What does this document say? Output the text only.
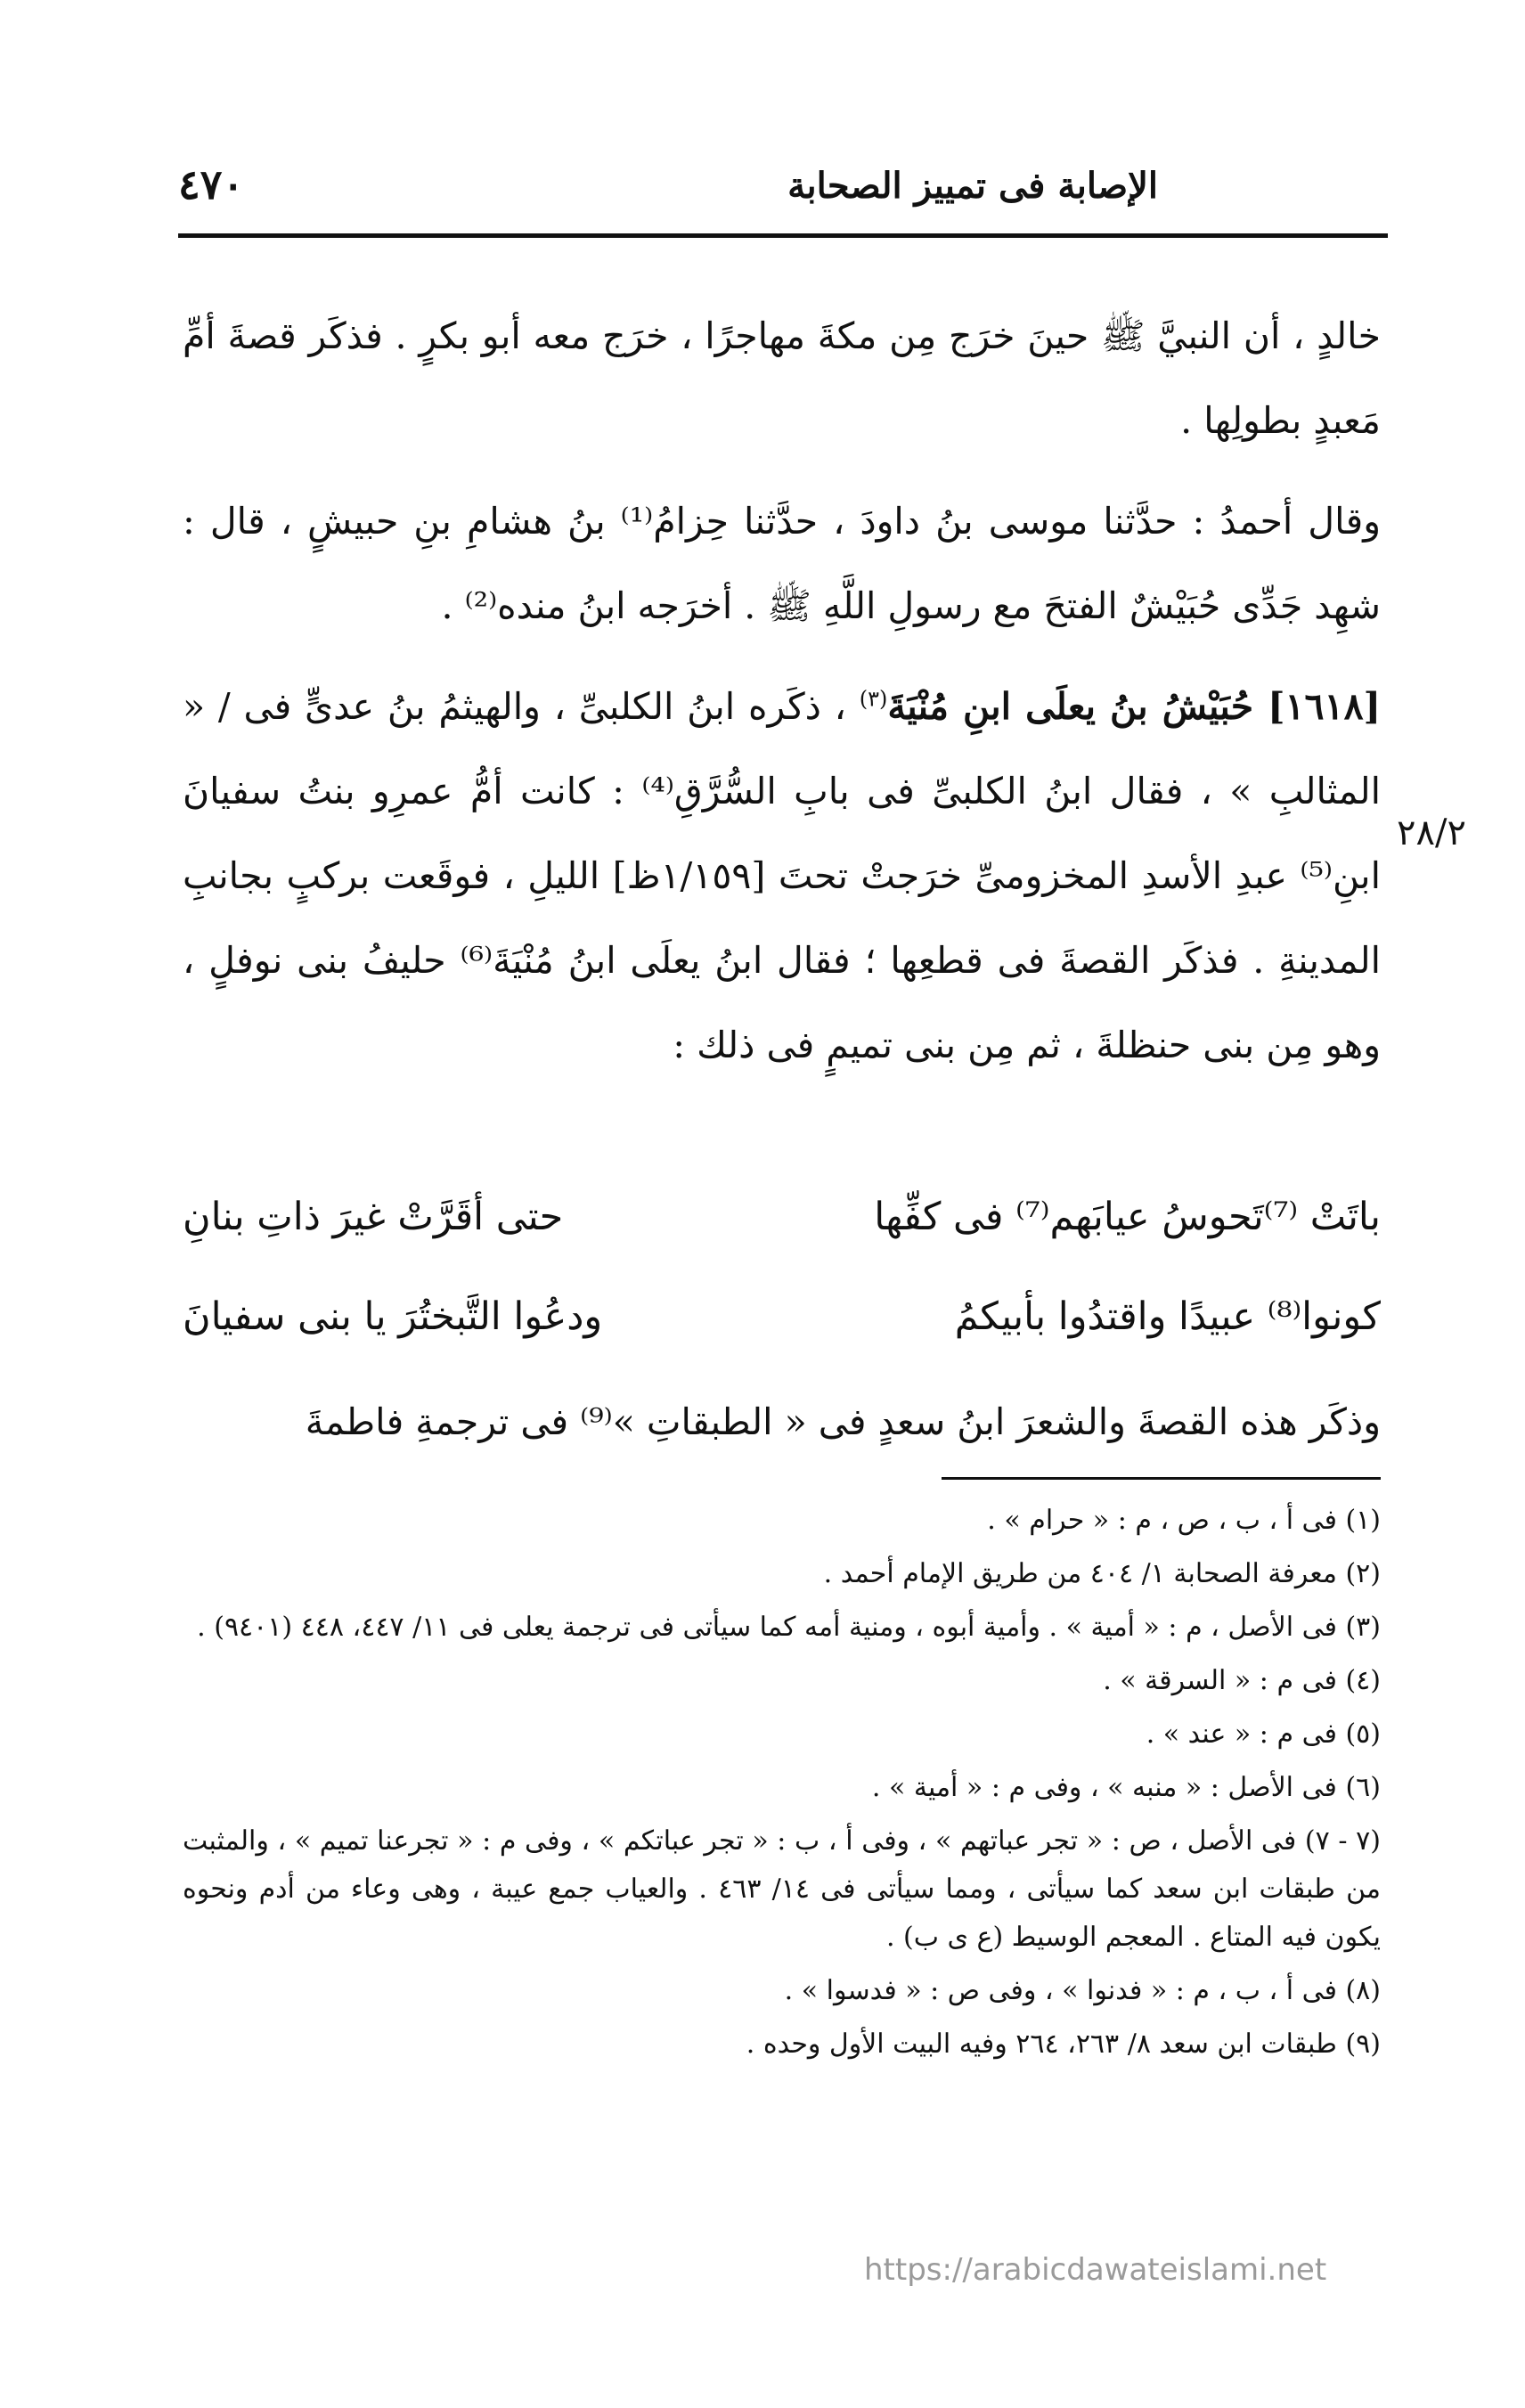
٤٧٠	الإصابة فى تمييز الصحابة
٢٨/٢

خالدٍ ، أن النبيَّ ﷺ حينَ خرَج مِن مكةَ مهاجرًا ، خرَج معه أبو بكرٍ . فذكَر قصةَ أمِّ مَعبدٍ بطولِها .

وقال أحمدُ : حدَّثنا موسى بنُ داودَ ، حدَّثنا حِزامُ⁽¹⁾ بنُ هشامِ بنِ حبيشٍ ، قال : شهِد جَدِّى حُبَيْشٌ الفتحَ مع رسولِ اللَّهِ ﷺ . أخرَجه ابنُ منده⁽²⁾ .

[١٦١٨] حُبَيْشُ بنُ يعلَى ابنِ مُنْيَةَ$^{(٣)}$ ، ذكَره ابنُ الكلبىِّ ، والهيثمُ بنُ عدىٍّ فى / « المثالبِ » ، فقال ابنُ الكلبىِّ فى بابِ السُّرَّقِ⁽⁴⁾ : كانت أمُّ عمرِو بنتُ سفيانَ ابنِ⁽⁵⁾ عبدِ الأسدِ المخزومىِّ خرَجتْ تحتَ [١/١٥٩ظ] الليلِ ، فوقَعت بركبٍ بجانبِ المدينةِ . فذكَر القصةَ فى قطعِها ؛ فقال ابنُ يعلَى ابنُ مُنْيَةَ⁽⁶⁾ حليفُ بنى نوفلٍ ، وهو مِن بنى حنظلةَ ، ثم مِن بنى تميمٍ فى ذلك :

باتَتْ ⁽⁷⁾تَحوسُ عيابَهم⁽⁷⁾ فى كفِّها
حتى أقَرَّتْ غيرَ ذاتِ بنانِ
كونوا⁽⁸⁾ عبيدًا واقتدُوا بأبيكمُ
ودعُوا التَّبختُرَ يا بنى سفيانَ
وذكَر هذه القصةَ والشعرَ ابنُ سعدٍ فى « الطبقاتِ »⁽⁹⁾ فى ترجمةِ فاطمةَ
(١) فى أ ، ب ، ص ، م : « حرام » .
(٢) معرفة الصحابة ١/ ٤٠٤ من طريق الإمام أحمد .
(٣) فى الأصل ، م : « أمية » . وأمية أبوه ، ومنية أمه كما سيأتى فى ترجمة يعلى فى ١١/ ٤٤٧، ٤٤٨ (٩٤٠١) .
(٤) فى م : « السرقة » .
(٥) فى م : « عند » .
(٦) فى الأصل : « منبه » ، وفى م : « أمية » .
(٧ - ٧) فى الأصل ، ص : « تجر عباتهم » ، وفى أ ، ب : « تجر عباتكم » ، وفى م : « تجرعنا تميم » ، والمثبت من طبقات ابن سعد كما سيأتى ، ومما سيأتى فى ١٤/ ٤٦٣ . والعياب جمع عيبة ، وهى وعاء من أدم ونحوه يكون فيه المتاع . المعجم الوسيط (ع ى ب) .
(٨) فى أ ، ب ، م : « فدنوا » ، وفى ص : « فدسوا » .
(٩) طبقات ابن سعد ٨/ ٢٦٣، ٢٦٤ وفيه البيت الأول وحده .
https://arabicdawateislami.net
